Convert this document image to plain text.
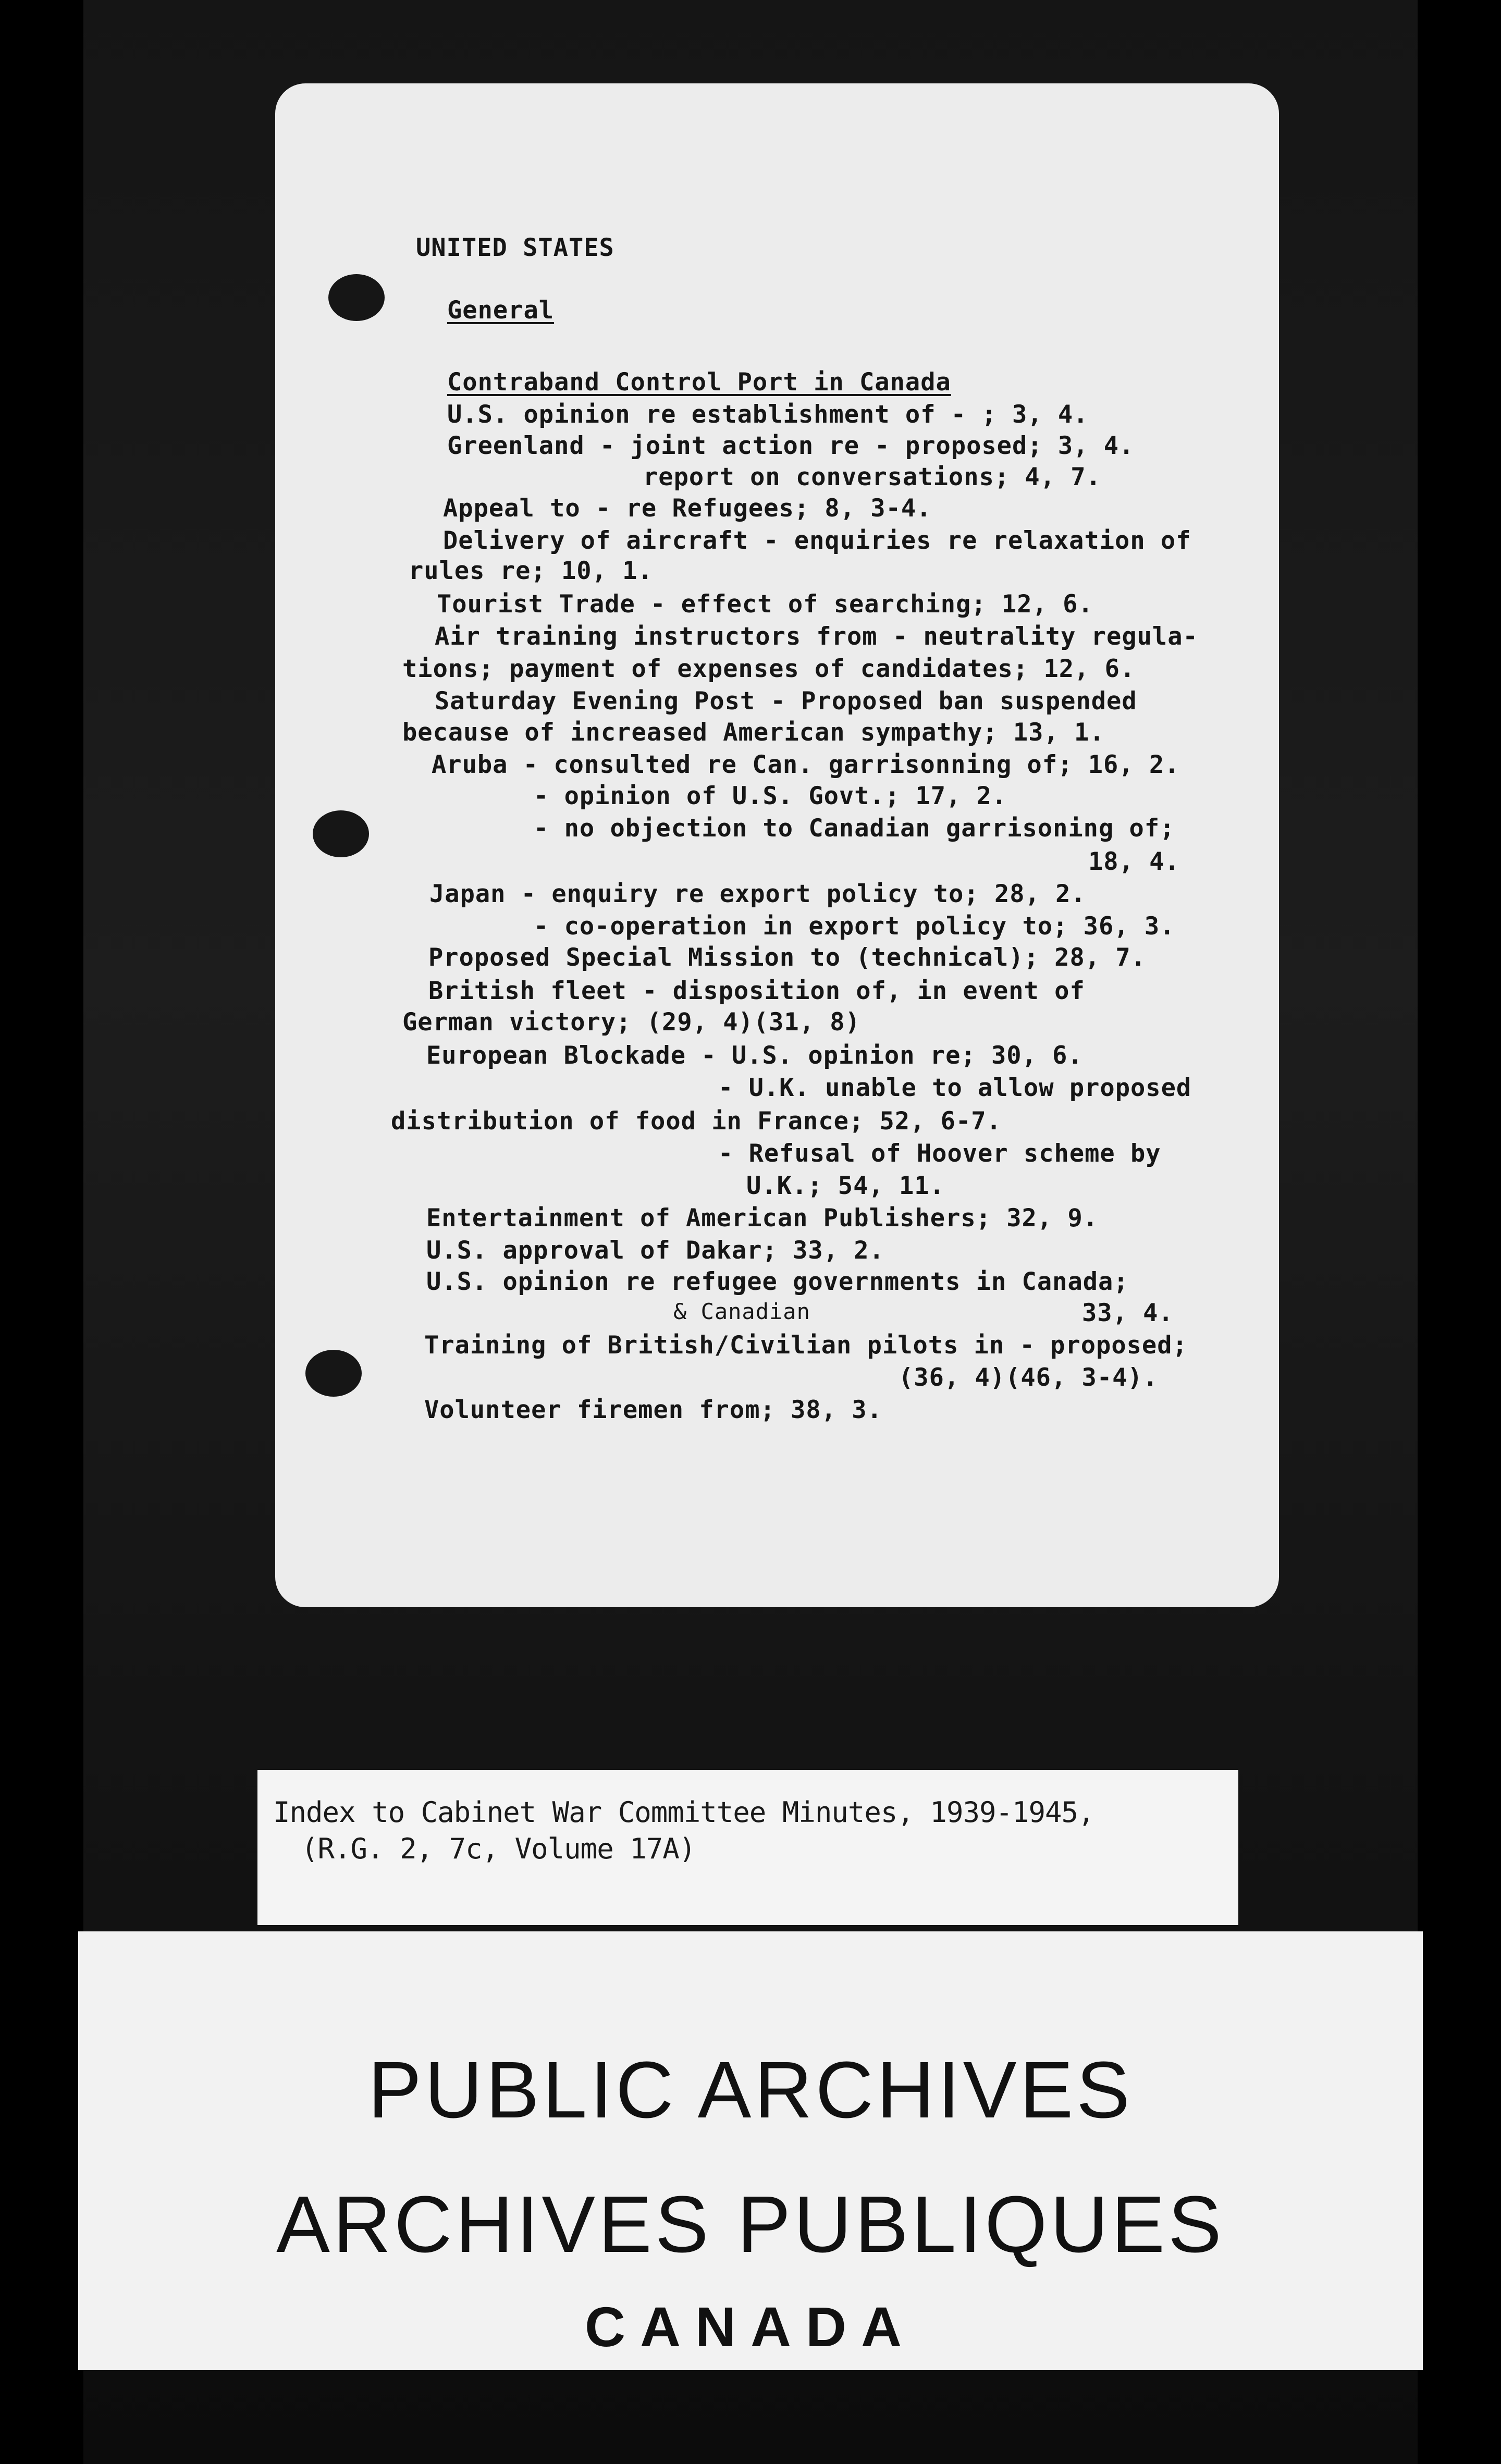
UNITED STATES

General

Contraband Control Port in Canada

U.S. opinion re establishment of - ; 3, 4.

Greenland - joint action re - proposed; 3, 4.

report on conversations; 4, 7.

Appeal to - re Refugees; 8, 3-4.

Delivery of aircraft - enquiries re relaxation of

rules re; 10, 1.

Tourist Trade - effect of searching; 12, 6.

Air training instructors from - neutrality regula-

tions; payment of expenses of candidates; 12, 6.

Saturday Evening Post - Proposed ban suspended

because of increased American sympathy; 13, 1.

Aruba - consulted re Can. garrisonning of; 16, 2.

- opinion of U.S. Govt.; 17, 2.

- no objection to Canadian garrisoning of;

18, 4.

Japan - enquiry re export policy to; 28, 2.

- co-operation in export policy to; 36, 3.

Proposed Special Mission to (technical); 28, 7.

British fleet - disposition of, in event of

German victory; (29, 4)(31, 8)

European Blockade - U.S. opinion re; 30, 6.

- U.K. unable to allow proposed

distribution of food in France; 52, 6-7.

- Refusal of Hoover scheme by

U.K.; 54, 11.

Entertainment of American Publishers; 32, 9.

U.S. approval of Dakar; 33, 2.

U.S. opinion re refugee governments in Canada;

& Canadian

	33, 4.

Training of British/Civilian pilots in - proposed;

(36, 4)(46, 3-4).

Volunteer firemen from; 38, 3.

Index to Cabinet War Committee Minutes, 1939-1945,
(R.G. 2, 7c, Volume 17A)
PUBLIC ARCHIVES
ARCHIVES PUBLIQUES
CANADA
